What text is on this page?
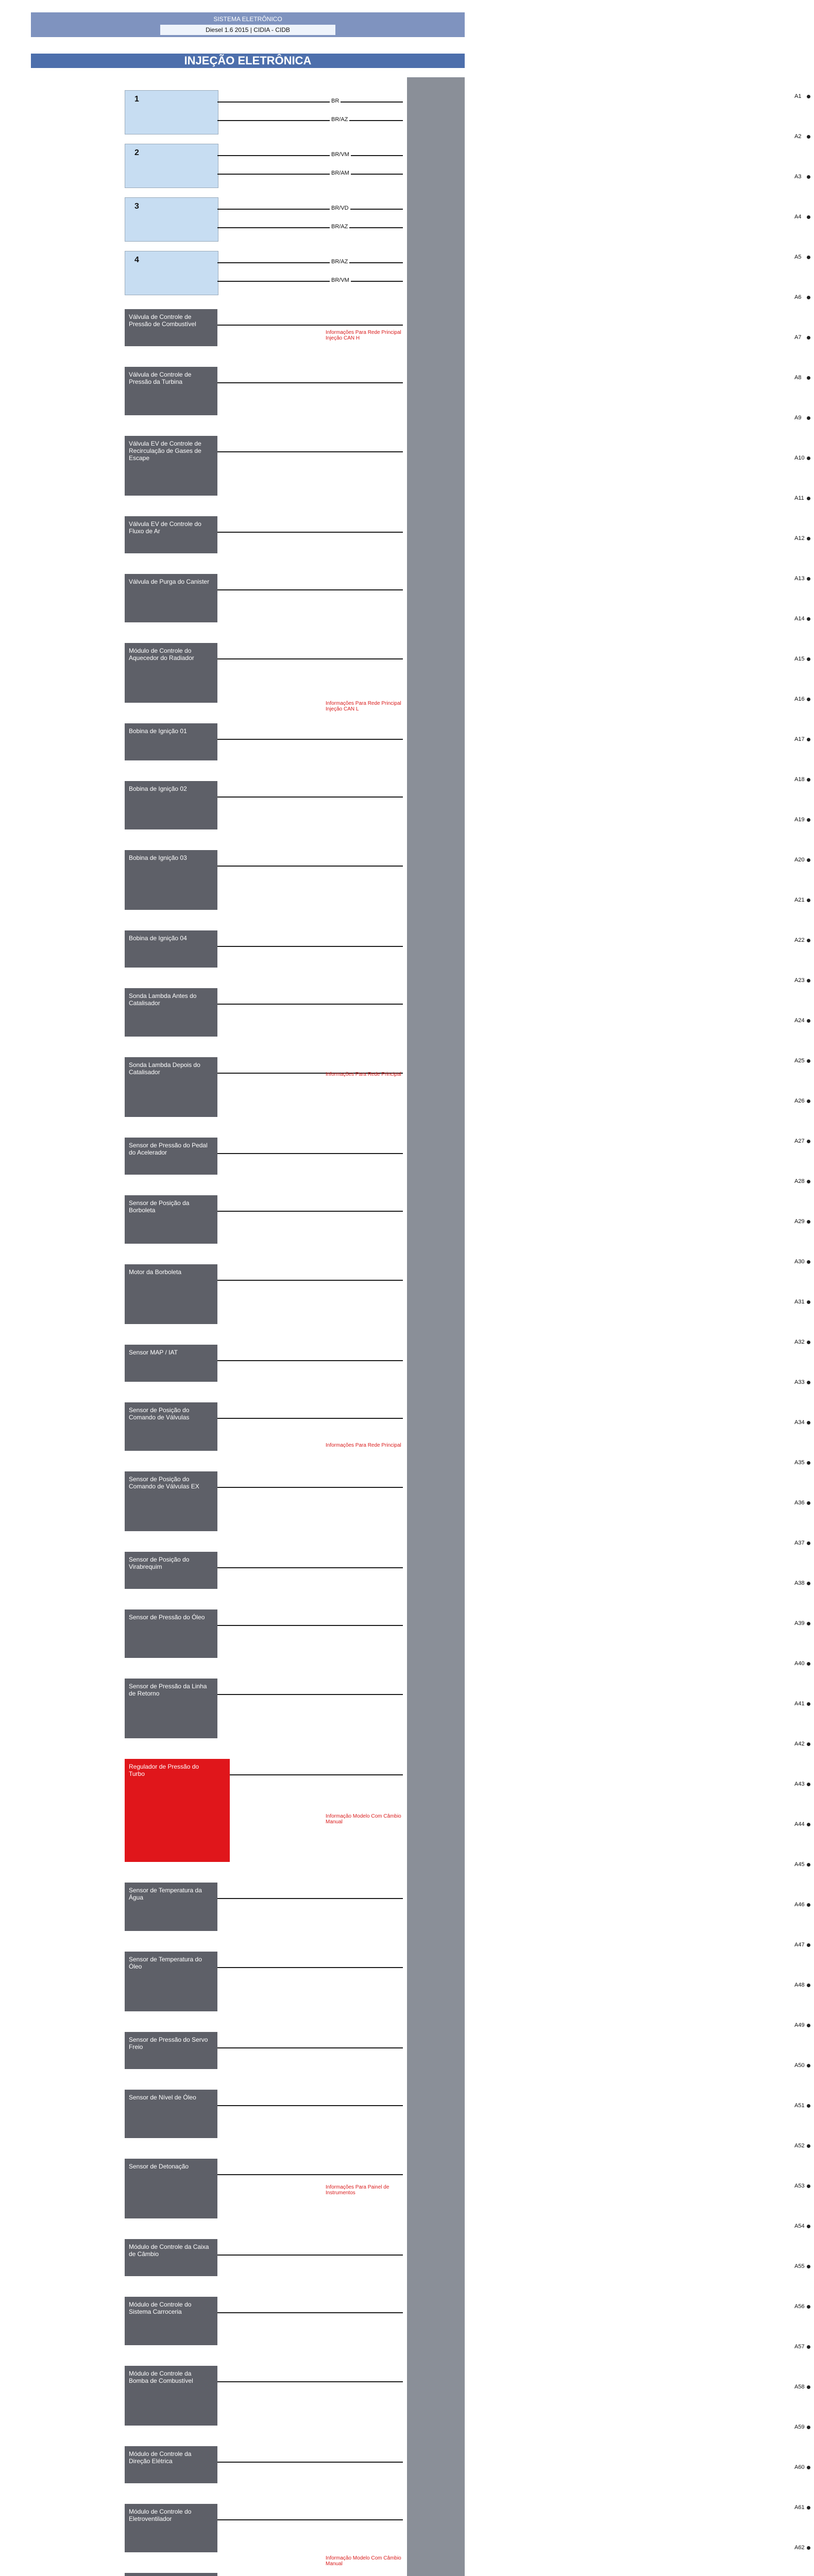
SISTEMA ELETRÔNICO
Diesel 1.6 2015 | CIDIA - CIDB
INJEÇÃO ELETRÔNICA
A1
A2
A3
A4
A5
A6
A7
A8
A9
A10
A11
A12
A13
A14
A15
A16
A17
A18
A19
A20
A21
A22
A23
A24
A25
A26
A27
A28
A29
A30
A31
A32
A33
A34
A35
A36
A37
A38
A39
A40
A41
A42
A43
A44
A45
A46
A47
A48
A49
A50
A51
A52
A53
A54
A55
A56
A57
A58
A59
A60
A61
A62
1	BR
BR/AZ
2	BR/VM
BR/AM
3	BR/VD
BR/AZ
4	BR/AZ
BR/VM
Válvula de Controle de Pressão de Combustível
Válvula de Controle de Pressão da Turbina
Válvula EV de Controle de Recirculação de Gases de Escape
Válvula EV de Controle do Fluxo de Ar
Válvula de Purga do Canister
Módulo de Controle do Aquecedor do Radiador
Bobina de Ignição 01
Bobina de Ignição 02
Bobina de Ignição 03
Bobina de Ignição 04
Sonda Lambda Antes do Catalisador
Sonda Lambda Depois do Catalisador
Sensor de Pressão do Pedal do Acelerador
Sensor de Posição da Borboleta
Motor da Borboleta
Sensor MAP / IAT
Sensor de Posição do Comando de Válvulas
Sensor de Posição do Comando de Válvulas EX
Sensor de Posição do Virabrequim
Sensor de Pressão do Óleo
Sensor de Pressão da Linha de Retorno
Regulador de Pressão do Turbo
Sensor de Temperatura da Água
Sensor de Temperatura do Óleo
Sensor de Pressão do Servo Freio
Sensor de Nível de Óleo
Sensor de Detonação
Módulo de Controle da Caixa de Câmbio
Módulo de Controle do Sistema Carroceria
Módulo de Controle da Bomba de Combustível
Módulo de Controle da Direção Elétrica
Módulo de Controle do Eletroventilador
Informações Para Rede Principal Injeção CAN H
Informações Para Rede Principal Injeção CAN L
Informações Para Rede Principal
Informações Para Rede Principal
Informação Modelo Com Câmbio Manual
Informações Para Painel de Instrumentos
Informação Modelo Com Câmbio Manual
